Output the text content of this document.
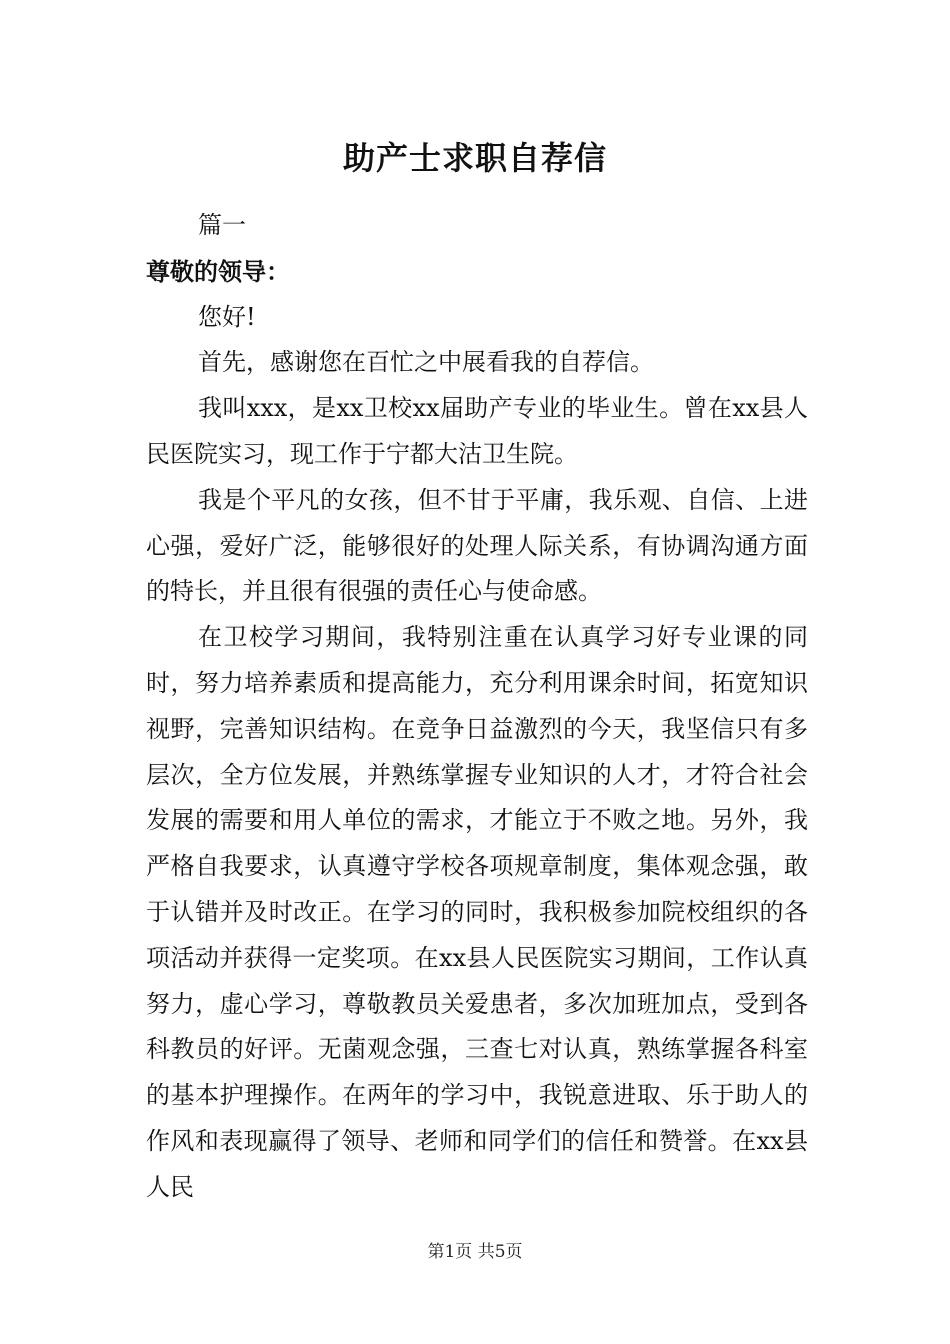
助产士求职自荐信

篇一

尊敬的领导：

您好!

首先，感谢您在百忙之中展看我的自荐信。

我叫xxx，是xx卫校xx届助产专业的毕业生。曾在xx县人民医院实习，现工作于宁都大沽卫生院。

我是个平凡的女孩，但不甘于平庸，我乐观、自信、上进心强，爱好广泛，能够很好的处理人际关系，有协调沟通方面的特长，并且很有很强的责任心与使命感。

在卫校学习期间，我特别注重在认真学习好专业课的同时，努力培养素质和提高能力，充分利用课余时间，拓宽知识视野，完善知识结构。在竞争日益激烈的今天，我坚信只有多层次，全方位发展，并熟练掌握专业知识的人才，才符合社会发展的需要和用人单位的需求，才能立于不败之地。另外，我严格自我要求，认真遵守学校各项规章制度，集体观念强，敢于认错并及时改正。在学习的同时，我积极参加院校组织的各项活动并获得一定奖项。在xx县人民医院实习期间，工作认真努力，虚心学习，尊敬教员关爱患者，多次加班加点，受到各科教员的好评。无菌观念强，三查七对认真，熟练掌握各科室的基本护理操作。在两年的学习中，我锐意进取、乐于助人的作风和表现赢得了领导、老师和同学们的信任和赞誉。在xx县人民

第1页 共5页
